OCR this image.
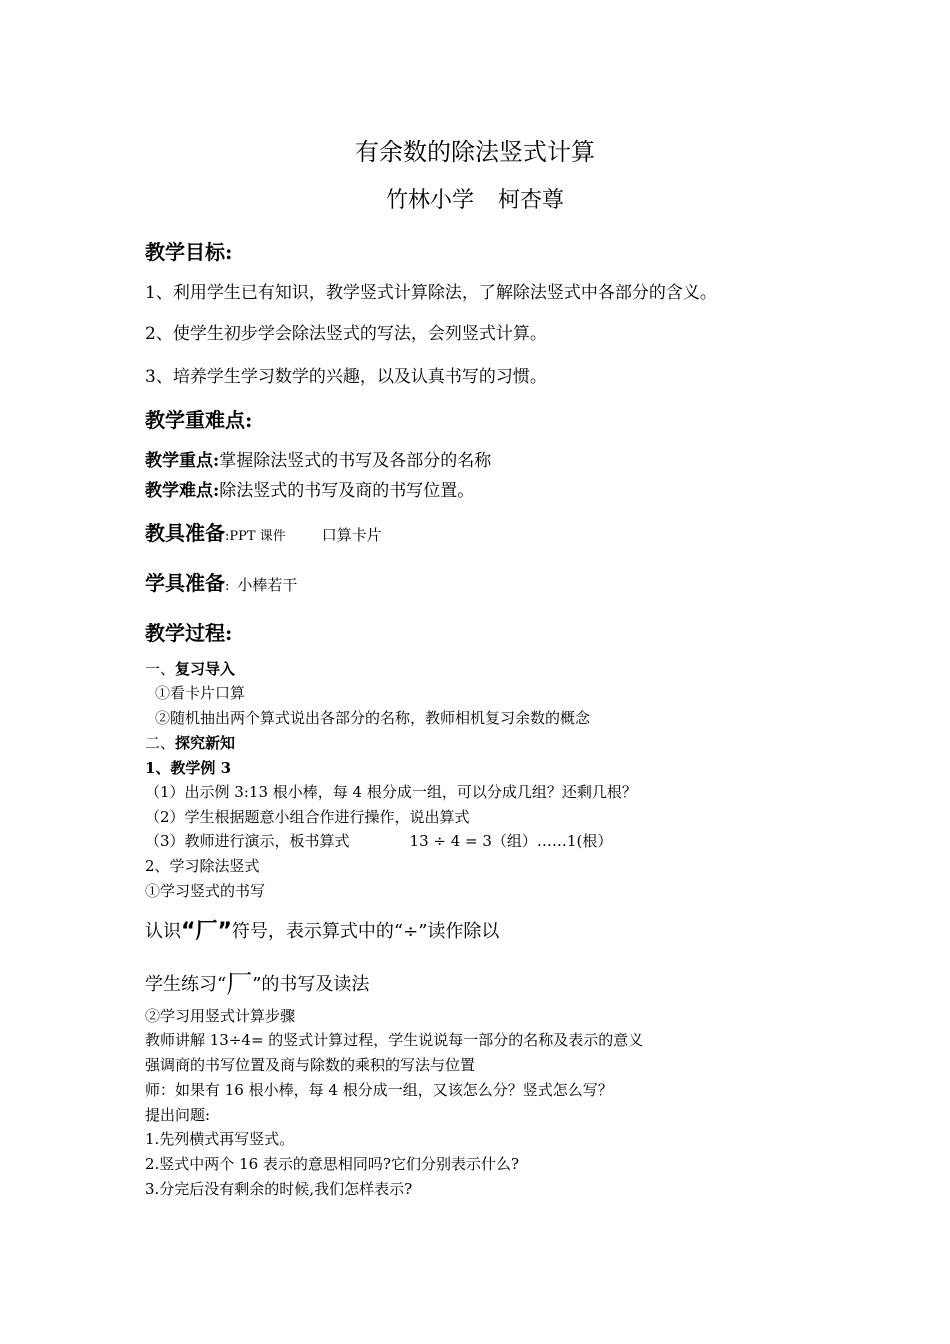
有余数的除法竖式计算
竹林小学 柯杏尊
教学目标:
1、利用学生已有知识，教学竖式计算除法，了解除法竖式中各部分的含义。
2、使学生初步学会除法竖式的写法，会列竖式计算。
3、培养学生学习数学的兴趣，以及认真书写的习惯。
教学重难点:
教学重点:掌握除法竖式的书写及各部分的名称
教学难点:除法竖式的书写及商的书写位置。
教具准备:PPT 课件 口算卡片
学具准备: 小棒若干
教学过程:
一、复习导入
①看卡片口算
②随机抽出两个算式说出各部分的名称，教师相机复习余数的概念
二、探究新知
1、教学例 3
（1）出示例 3:13 根小棒，每 4 根分成一组，可以分成几组？还剩几根？
（2）学生根据题意小组合作进行操作，说出算式
（3）教师进行演示，板书算式	13 ÷ 4 = 3（组）……1(根）
2、学习除法竖式
①学习竖式的书写
认识“厂”符号，表示算式中的“÷”读作除以
学生练习“厂”的书写及读法
②学习用竖式计算步骤
教师讲解 13÷4= 的竖式计算过程，学生说说每一部分的名称及表示的意义
强调商的书写位置及商与除数的乘积的写法与位置
师：如果有 16 根小棒，每 4 根分成一组，又该怎么分？竖式怎么写？
提出问题:
1.先列横式再写竖式。
2.竖式中两个 16 表示的意思相同吗?它们分别表示什么?
3.分完后没有剩余的时候,我们怎样表示?
